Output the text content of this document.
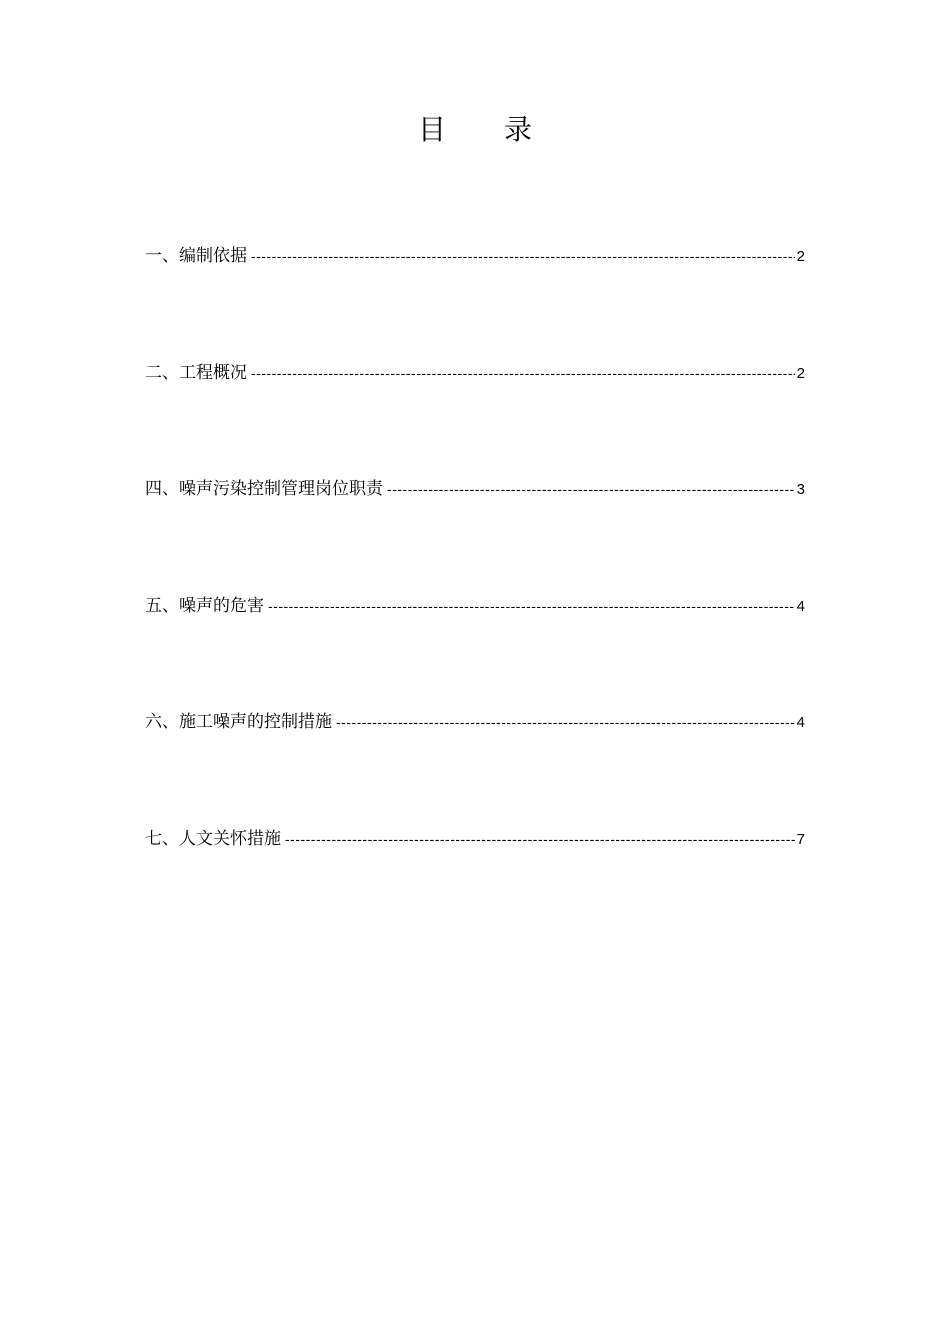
目 录
一、编制依据 -----	2
二、工程概况 -----	2
四、噪声污染控制管理岗位职责 -----	3
五、噪声的危害 -----	4
六、施工噪声的控制措施 -----	4
七、人文关怀措施 -----	7
